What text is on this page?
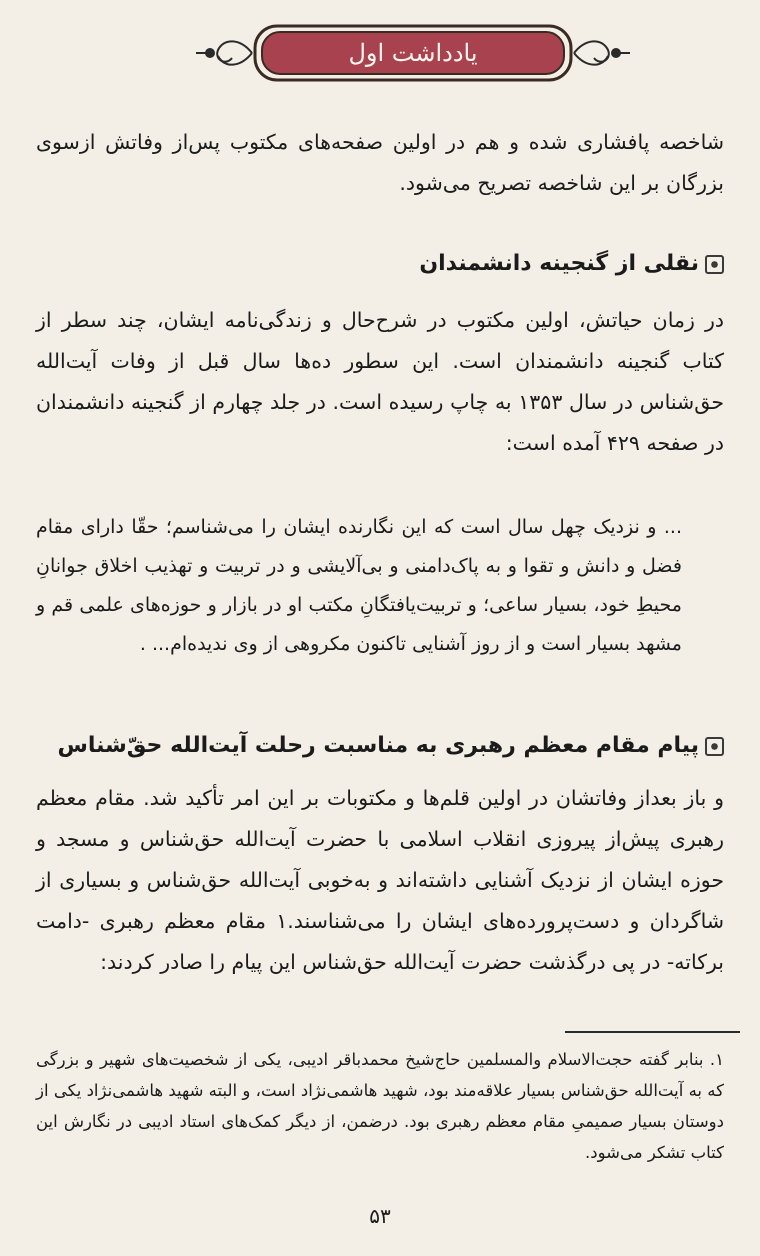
یادداشت اول
شاخصه پافشاری شده و هم در اولین صفحه‌های مکتوب پس‌از وفاتش ازسوی بزرگان بر این شاخصه تصریح می‌شود.
نقلی از گنجینه دانشمندان
در زمان حیاتش، اولین مکتوب در شرح‌حال و زندگی‌نامه ایشان، چند سطر از کتاب گنجینه دانشمندان است. این سطور ده‌ها سال قبل از وفات آیت‌الله حق‌شناس در سال ۱۳۵۳ به چاپ رسیده است. در جلد چهارم از گنجینه دانشمندان در صفحه ۴۲۹ آمده است:
... و نزدیک چهل سال است که این نگارنده ایشان را می‌شناسم؛ حقّا دارای مقام فضل و دانش و تقوا و به پاک‌دامنی و بی‌آلایشی و در تربیت و تهذیب اخلاق جوانانِ محیطِ خود، بسیار ساعی؛ و تربیت‌یافتگانِ مکتب او در بازار و حوزه‌های علمی قم و مشهد بسیار است و از روز آشنایی تاکنون مکروهی از وی ندیده‌ام... .
پیام مقام معظم رهبری به مناسبت رحلت آیت‌الله حقّ‌شناس
و باز بعداز وفاتشان در اولین قلم‌ها و مکتوبات بر این امر تأکید شد. مقام معظم رهبری پیش‌از پیروزی انقلاب اسلامی با حضرت آیت‌الله حق‌شناس و مسجد و حوزه ایشان از نزدیک آشنایی داشته‌اند و به‌خوبی آیت‌الله حق‌شناس و بسیاری از شاگردان و دست‌پرورده‌های ایشان را می‌شناسند.۱ مقام معظم رهبری -دامت برکاته- در پی درگذشت حضرت آیت‌الله حق‌شناس این پیام را صادر کردند:
۱. بنابر گفته حجت‌الاسلام والمسلمین حاج‌شیخ محمدباقر ادیبی، یکی از شخصیت‌های شهیر و بزرگی که به آیت‌الله حق‌شناس بسیار علاقه‌مند بود، شهید هاشمی‌نژاد است، و البته شهید هاشمی‌نژاد یکی از دوستان بسیار صمیمیِ مقام معظم رهبری بود. درضمن، از دیگر کمک‌های استاد ادیبی در نگارش این کتاب تشکر می‌شود.
۵۳
